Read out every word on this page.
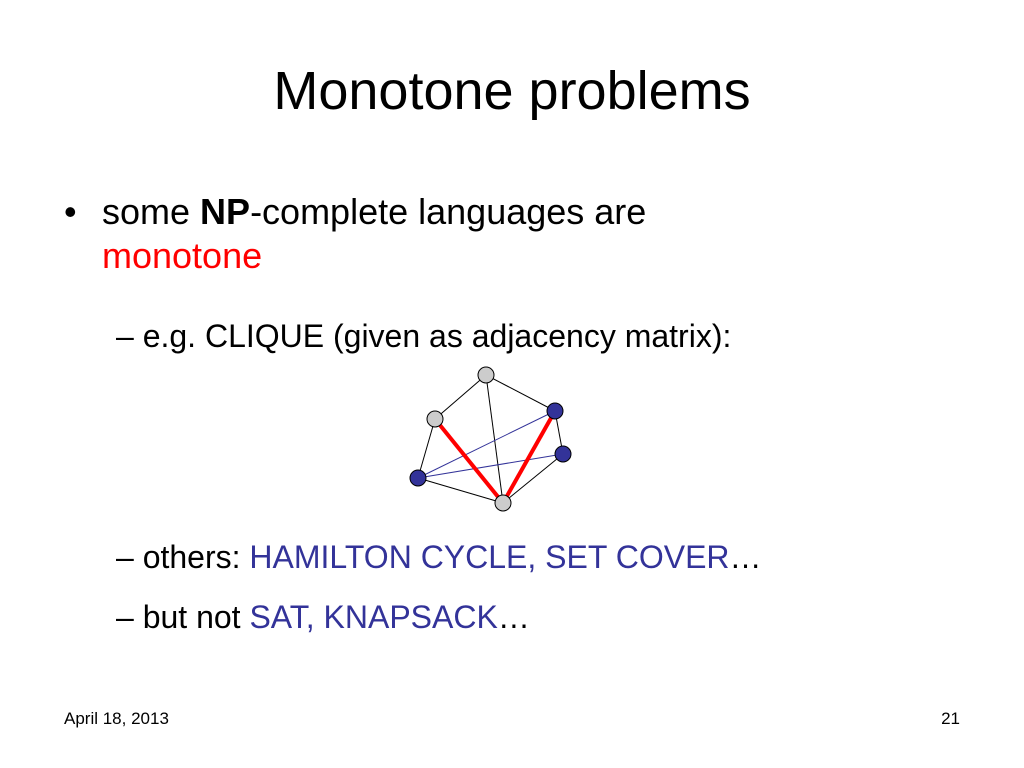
Monotone problems
• some NP-complete languages are
monotone
– e.g. CLIQUE (given as adjacency matrix):
– others: HAMILTON CYCLE, SET COVER…
– but not SAT, KNAPSACK…
April 18, 2013	21
